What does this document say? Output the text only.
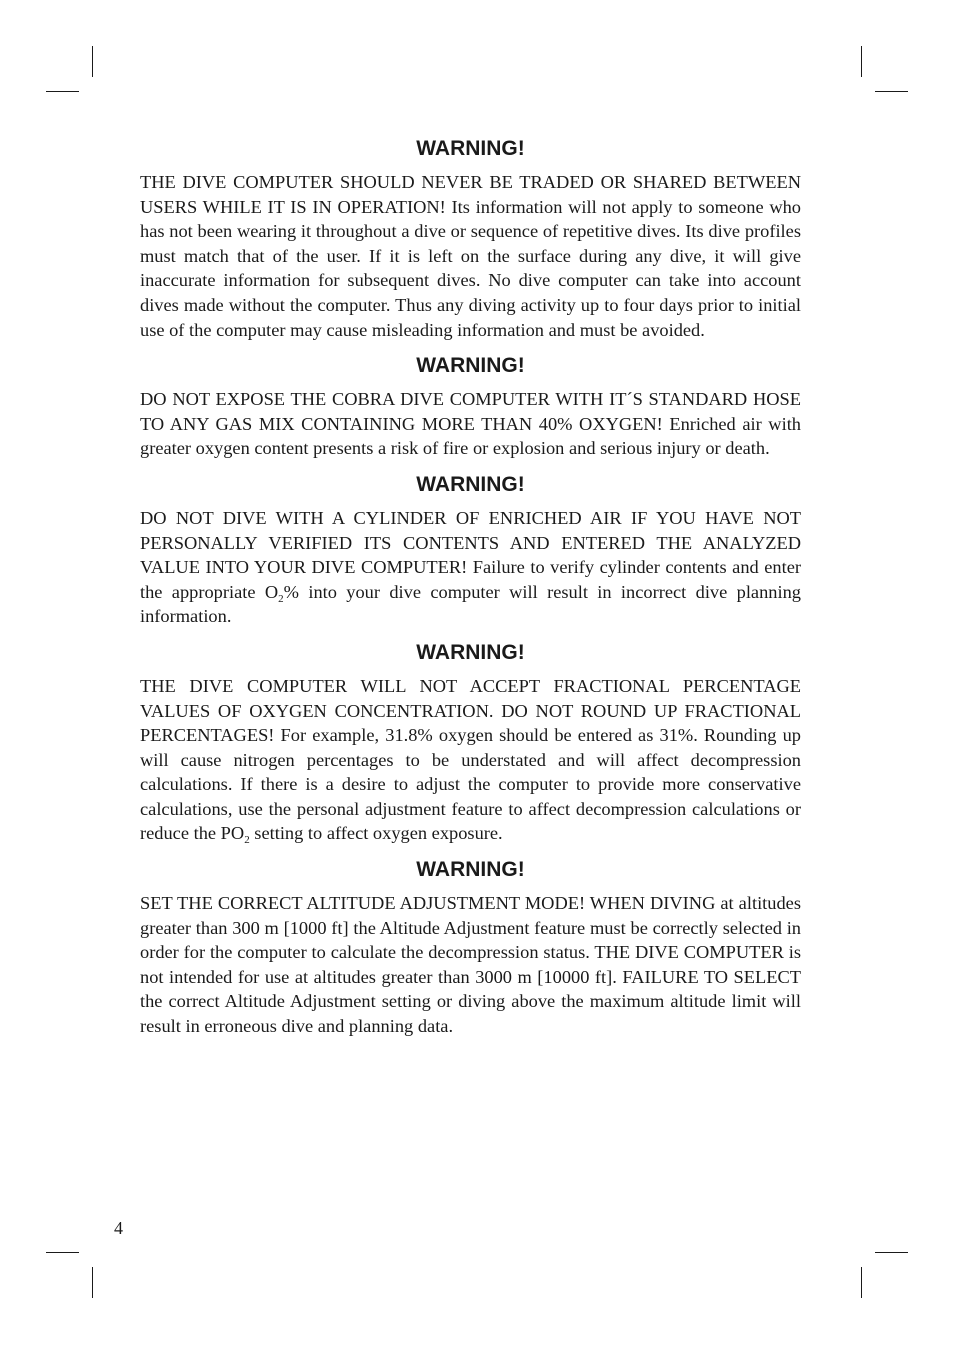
WARNING!

THE DIVE COMPUTER SHOULD NEVER BE TRADED OR SHARED BETWEEN USERS WHILE IT IS IN OPERATION! Its information will not apply to someone who has not been wearing it throughout a dive or sequence of repetitive dives. Its dive profiles must match that of the user. If it is left on the surface during any dive, it will give inaccurate information for subsequent dives. No dive computer can take into account dives made without the computer. Thus any diving activity up to four days prior to initial use of the computer may cause misleading information and must be avoided.

WARNING!

DO NOT EXPOSE THE COBRA DIVE COMPUTER WITH IT´S STANDARD HOSE TO ANY GAS MIX CONTAINING MORE THAN 40% OXYGEN! Enriched air with greater oxygen content presents a risk of fire or explosion and serious injury or death.

WARNING!

DO NOT DIVE WITH A CYLINDER OF ENRICHED AIR IF YOU HAVE NOT PERSONALLY VERIFIED ITS CONTENTS AND ENTERED THE ANALYZED VALUE INTO YOUR DIVE COMPUTER! Failure to verify cylinder contents and enter the appropriate $O_2\%$ into your dive computer will result in incorrect dive planning information.

WARNING!

THE DIVE COMPUTER WILL NOT ACCEPT FRACTIONAL PERCENTAGE VALUES OF OXYGEN CONCENTRATION. DO NOT ROUND UP FRACTIONAL PERCENTAGES! For example, 31.8% oxygen should be entered as 31%. Rounding up will cause nitrogen percentages to be understated and will affect decompression calculations. If there is a desire to adjust the computer to provide more conservative calculations, use the personal adjustment feature to affect decompression calculations or reduce the $PO_2$ setting to affect oxygen exposure.

WARNING!

SET THE CORRECT ALTITUDE ADJUSTMENT MODE! WHEN DIVING at altitudes greater than 300 m [1000 ft] the Altitude Adjustment feature must be correctly selected in order for the computer to calculate the decompression status. THE DIVE COMPUTER is not intended for use at altitudes greater than 3000 m [10000 ft]. FAILURE TO SELECT the correct Altitude Adjustment setting or diving above the maximum altitude limit will result in erroneous dive and planning data.

4
